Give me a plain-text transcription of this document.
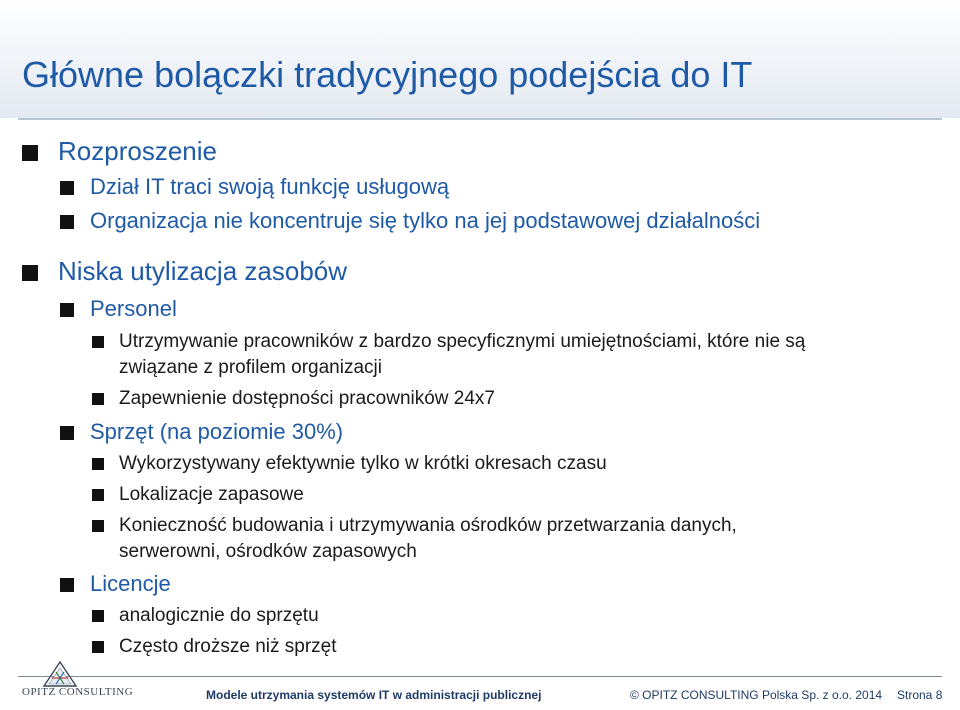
Główne bolączki tradycyjnego podejścia do IT

Rozproszenie

Dział IT traci swoją funkcję usługową

Organizacja nie koncentruje się tylko na jej podstawowej działalności

Niska utylizacja zasobów

Personel

Utrzymywanie pracowników z bardzo specyficznymi umiejętnościami, które nie są
związane z profilem organizacji

Zapewnienie dostępności pracowników 24x7

Sprzęt (na poziomie 30%)

Wykorzystywany efektywnie tylko w krótki okresach czasu

Lokalizacje zapasowe

Konieczność budowania i utrzymywania ośrodków przetwarzania danych,
serwerowni, ośrodków zapasowych

Licencje

analogicznie do sprzętu

Często droższe niż sprzęt

OPITZ CONSULTING	Modele utrzymania systemów IT w administracji publicznej	© OPITZ CONSULTING Polska Sp. z o.o. 2014 Strona 8
